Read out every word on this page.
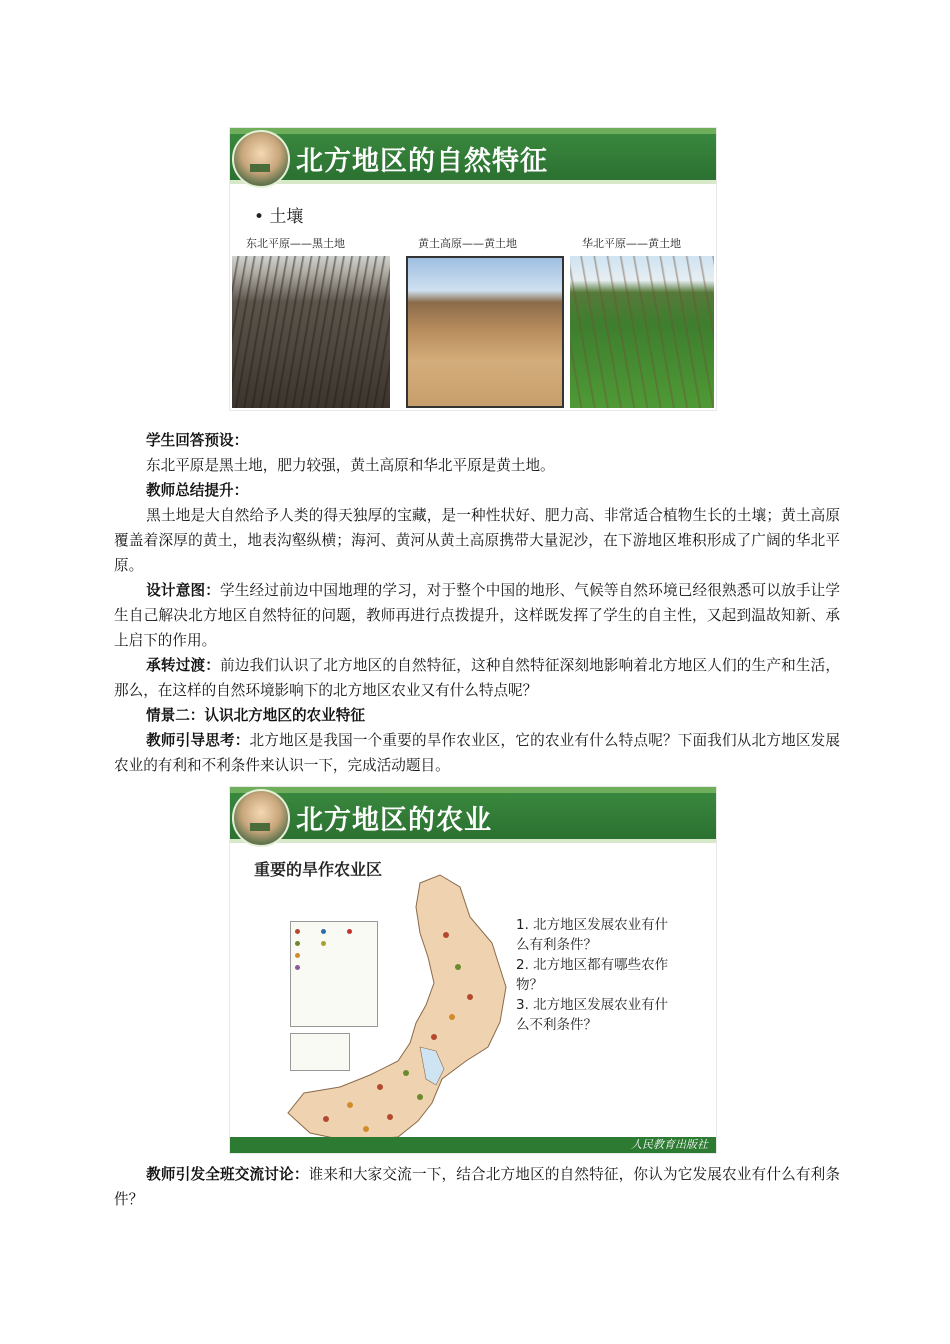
北方地区的自然特征
• 土壤
东北平原——黑土地	黄土高原——黄土地	华北平原——黄土地

学生回答预设：

东北平原是黑土地，肥力较强，黄土高原和华北平原是黄土地。

教师总结提升：

黑土地是大自然给予人类的得天独厚的宝藏，是一种性状好、肥力高、非常适合植物生长的土壤；黄土高原覆盖着深厚的黄土，地表沟壑纵横；海河、黄河从黄土高原携带大量泥沙，在下游地区堆积形成了广阔的华北平原。

设计意图：学生经过前边中国地理的学习，对于整个中国的地形、气候等自然环境已经很熟悉可以放手让学生自己解决北方地区自然特征的问题，教师再进行点拨提升，这样既发挥了学生的自主性，又起到温故知新、承上启下的作用。

承转过渡：前边我们认识了北方地区的自然特征，这种自然特征深刻地影响着北方地区人们的生产和生活，那么，在这样的自然环境影响下的北方地区农业又有什么特点呢？

情景二：认识北方地区的农业特征

教师引导思考：北方地区是我国一个重要的旱作农业区，它的农业有什么特点呢？下面我们从北方地区发展农业的有利和不利条件来认识一下，完成活动题目。

北方地区的农业
重要的旱作农业区
1. 北方地区发展农业有什
么有利条件？
2. 北方地区都有哪些农作
物？
3. 北方地区发展农业有什
么不利条件？
人民教育出版社

教师引发全班交流讨论：谁来和大家交流一下，结合北方地区的自然特征，你认为它发展农业有什么有利条件？
